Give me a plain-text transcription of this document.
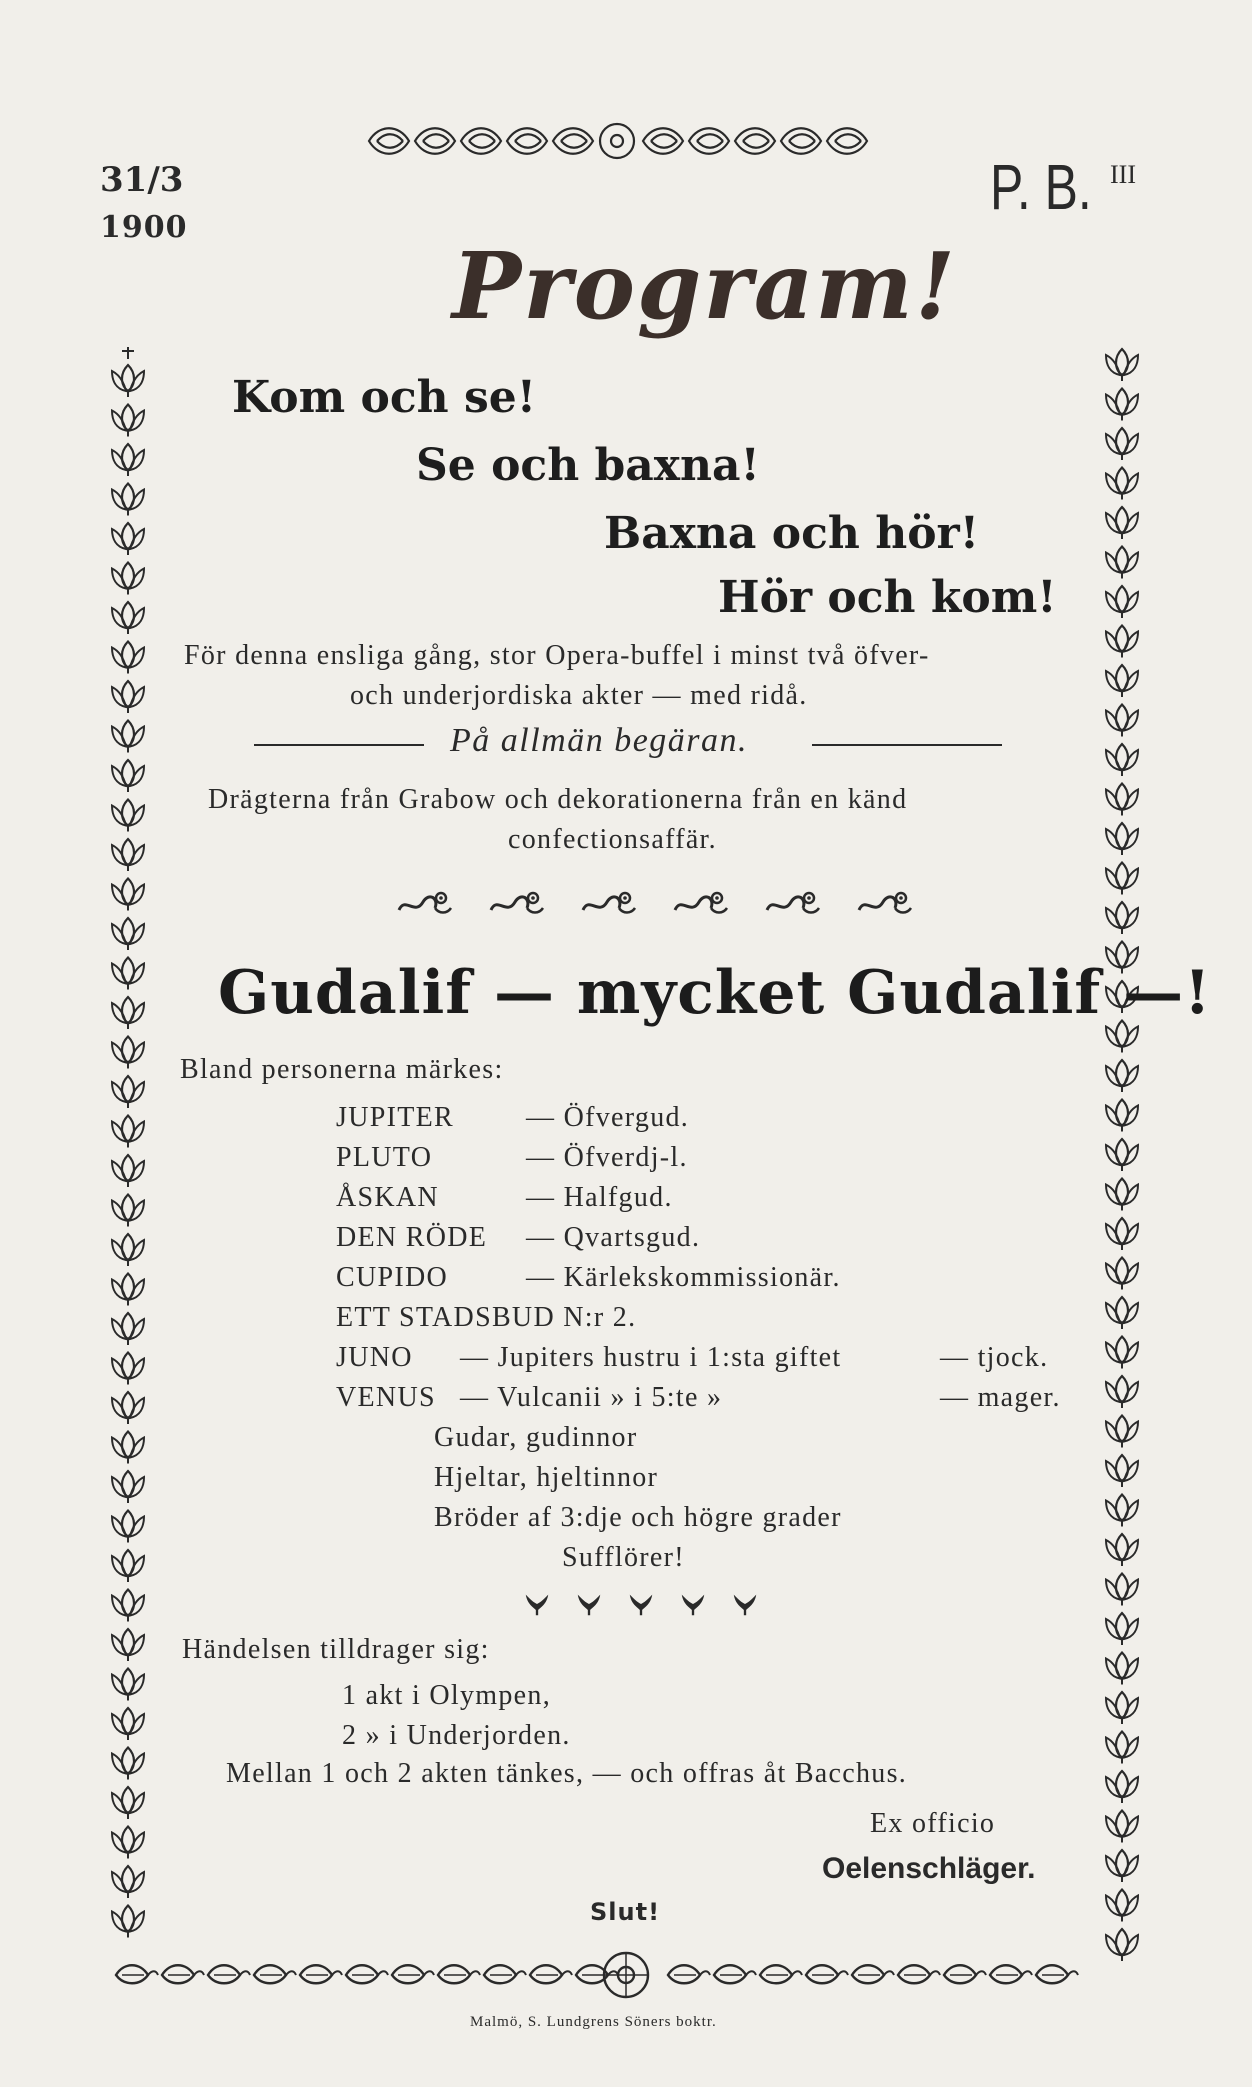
31/3
1900
P. B. III
Program!
Kom och se!
Se och baxna!
Baxna och hör!
Hör och kom!
För denna ensliga gång, stor Opera-buffel i minst två öfver-
och underjordiska akter — med ridå.
På allmän begäran.
Drägterna från Grabow och dekorationerna från en känd
confectionsaffär.
Gudalif — mycket Gudalif —!
Bland personerna märkes:
JUPITER	— Öfvergud.
PLUTO	— Öfverdj-l.
ÅSKAN	— Halfgud.
DEN RÖDE — Qvartsgud.
CUPIDO	— Kärlekskommissionär.
ETT STADSBUD N:r 2.
JUNO — Jupiters hustru i 1:sta giftet	— tjock.
VENUS — Vulcanii » i 5:te »	— mager.
Gudar, gudinnor
Hjeltar, hjeltinnor
Bröder af 3:dje och högre grader
Sufflörer!
Händelsen tilldrager sig:
1 akt i Olympen,
2 » i Underjorden.
Mellan 1 och 2 akten tänkes, — och offras åt Bacchus.
Ex officio
Oelenschläger.
Slut!
Malmö, S. Lundgrens Söners boktr.
